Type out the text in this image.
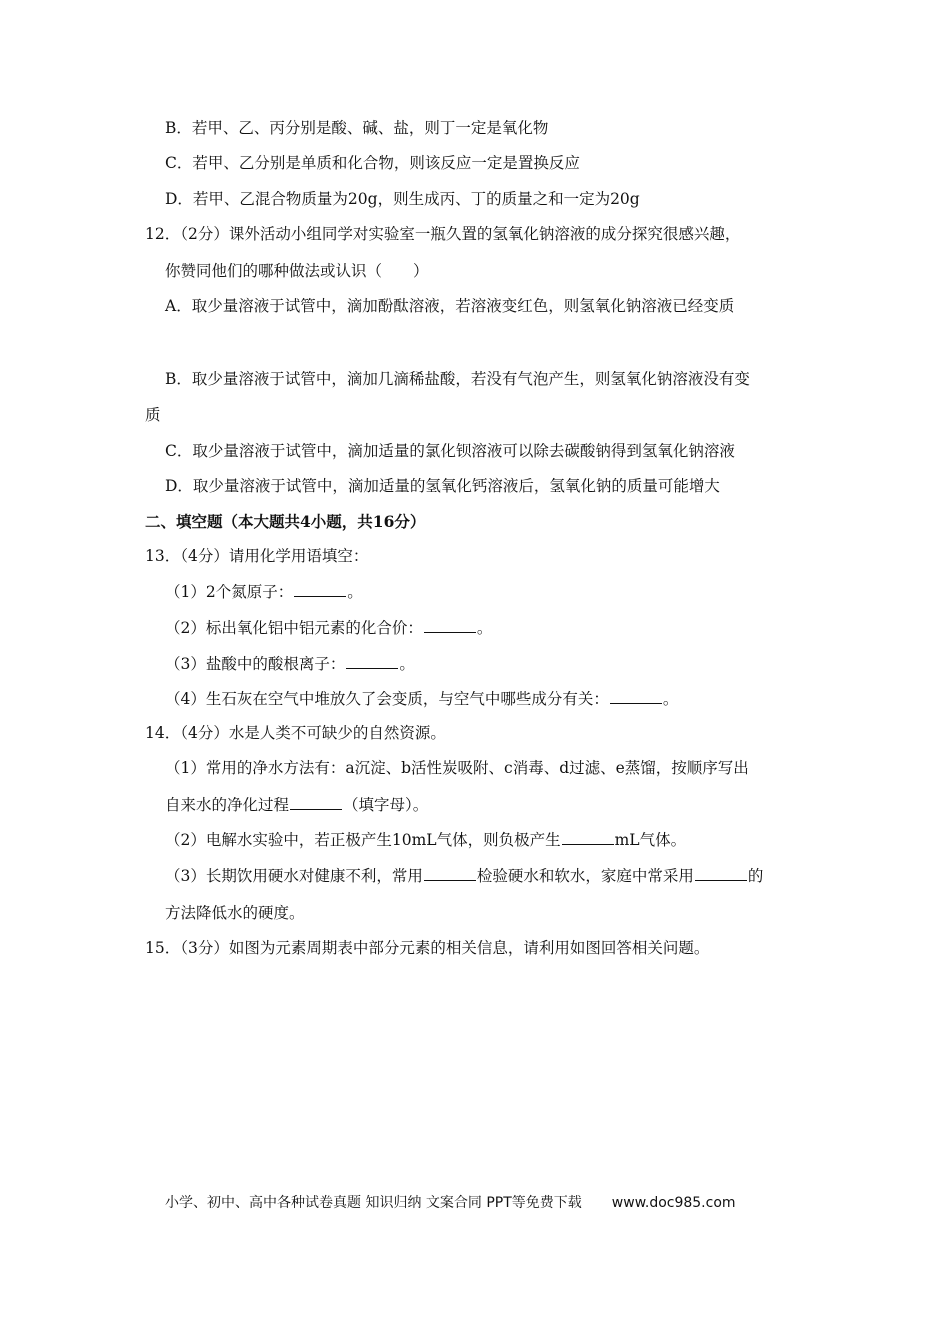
B．若甲、乙、丙分别是酸、碱、盐，则丁一定是氧化物
C．若甲、乙分别是单质和化合物，则该反应一定是置换反应
D．若甲、乙混合物质量为20g，则生成丙、丁的质量之和一定为20g
12．（2分）课外活动小组同学对实验室一瓶久置的氢氧化钠溶液的成分探究很感兴趣，
你赞同他们的哪种做法或认识（　　）
A．取少量溶液于试管中，滴加酚酞溶液，若溶液变红色，则氢氧化钠溶液已经变质
B．取少量溶液于试管中，滴加几滴稀盐酸，若没有气泡产生，则氢氧化钠溶液没有变
质
C．取少量溶液于试管中，滴加适量的氯化钡溶液可以除去碳酸钠得到氢氧化钠溶液
D．取少量溶液于试管中，滴加适量的氢氧化钙溶液后，氢氧化钠的质量可能增大
二、填空题（本大题共4小题，共16分）
13．（4分）请用化学用语填空：
（1）2个氮原子：	。
（2）标出氧化铝中铝元素的化合价：	。
（3）盐酸中的酸根离子：	。
（4）生石灰在空气中堆放久了会变质，与空气中哪些成分有关：	。
14．（4分）水是人类不可缺少的自然资源。
（1）常用的净水方法有：a沉淀、b活性炭吸附、c消毒、d过滤、e蒸馏，按顺序写出
自来水的净化过程	（填字母）。
（2）电解水实验中，若正极产生10mL气体，则负极产生	mL气体。
（3）长期饮用硬水对健康不利，常用	检验硬水和软水，家庭中常采用	的
方法降低水的硬度。
15．（3分）如图为元素周期表中部分元素的相关信息，请利用如图回答相关问题。
小学、初中、高中各种试卷真题 知识归纳 文案合同 PPT等免费下载 www.doc985.com
